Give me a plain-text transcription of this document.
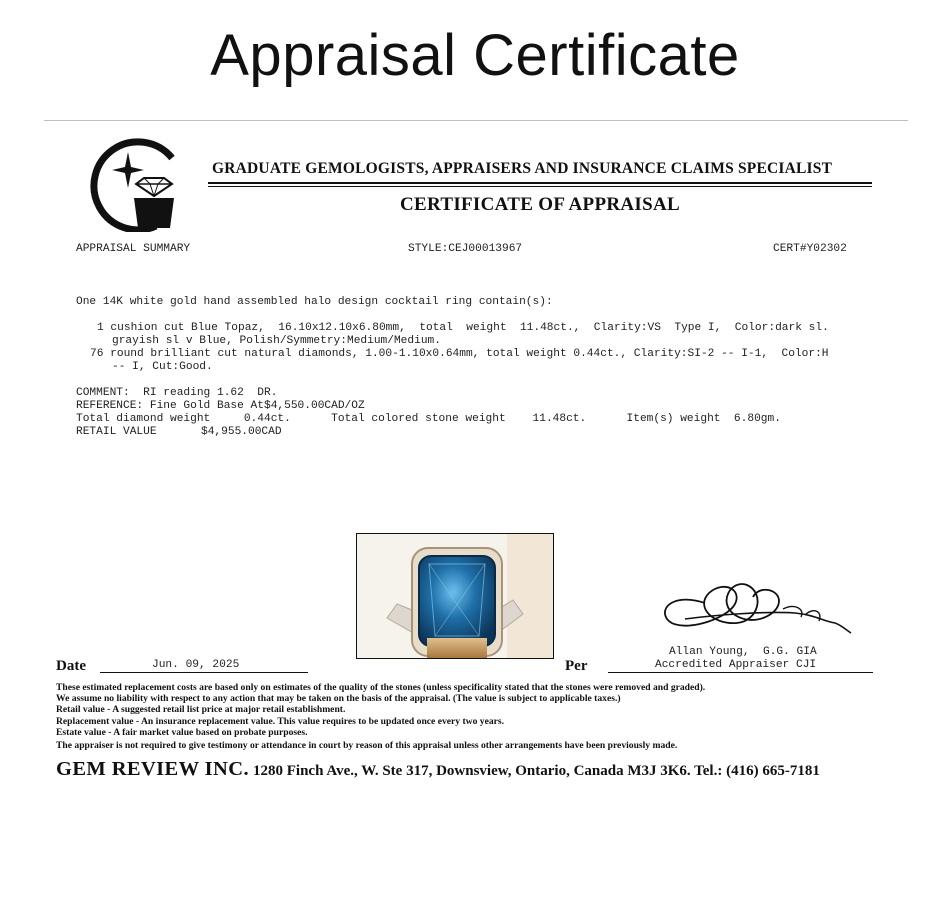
Appraisal Certificate
GRADUATE GEMOLOGISTS, APPRAISERS AND INSURANCE CLAIMS SPECIALIST
CERTIFICATE OF APPRAISAL
APPRAISAL SUMMARY	STYLE:CEJ00013967	CERT#Y02302
One 14K white gold hand assembled halo design cocktail ring contain(s):
1 cushion cut Blue Topaz,  16.10x12.10x6.80mm,  total  weight  11.48ct.,  Clarity:VS  Type I,  Color:dark sl.
grayish sl v Blue, Polish/Symmetry:Medium/Medium.
76 round brilliant cut natural diamonds, 1.00-1.10x0.64mm, total weight 0.44ct., Clarity:SI-2 -- I-1,  Color:H
-- I, Cut:Good.
COMMENT:  RI reading 1.62  DR.
REFERENCE: Fine Gold Base At$4,550.00CAD/OZ
Total diamond weight     0.44ct.      Total colored stone weight    11.48ct.      Item(s) weight  6.80gm.
RETAIL VALUE	$4,955.00CAD
Date	Jun. 09, 2025	Per
Allan Young,  G.G. GIA
Accredited Appraiser CJI
These estimated replacement costs are based only on estimates of the quality of the stones (unless specificality stated that the stones were removed and graded).
We assume no liability with respect to any action that may be taken on the basis of the appraisal. (The value is subject to applicable taxes.)
Retail value - A suggested retail list price at major retail establishment.
Replacement value - An insurance replacement value. This value requires to be updated once every two years.
Estate value - A fair market value based on probate purposes.
The appraiser is not required to give testimony or attendance in court by reason of this appraisal unless other arrangements have been previously made.
GEM REVIEW INC. 1280 Finch Ave., W. Ste 317, Downsview, Ontario, Canada M3J 3K6. Tel.: (416) 665-7181
